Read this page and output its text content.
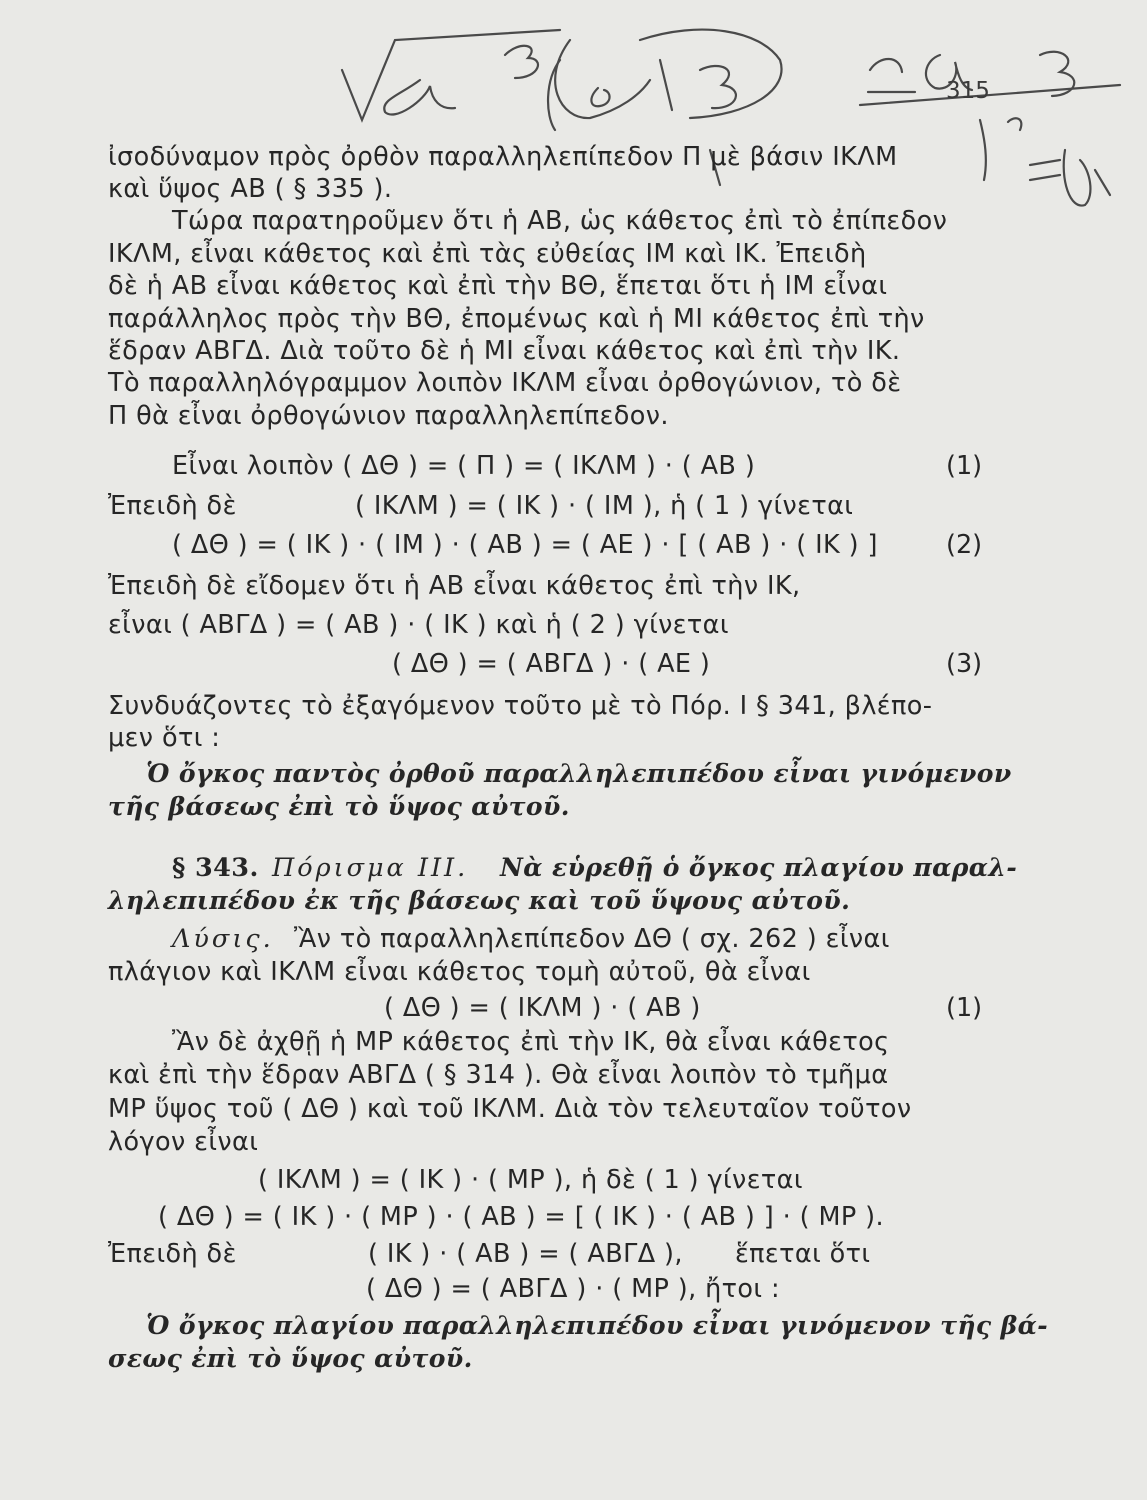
315
ἰσοδύναμον πρὸς ὀρθὸν παραλληλεπίπεδον Π μὲ βάσιν ΙΚΛΜ
καὶ ὕψος ΑΒ ( § 335 ).
Τώρα παρατηροῦμεν ὅτι ἡ ΑΒ, ὡς κάθετος ἐπὶ τὸ ἐπίπεδον
ΙΚΛΜ, εἶναι κάθετος καὶ ἐπὶ τὰς εὐθείας ΙΜ καὶ ΙΚ. Ἐπειδὴ
δὲ ἡ ΑΒ εἶναι κάθετος καὶ ἐπὶ τὴν ΒΘ, ἕπεται ὅτι ἡ ΙΜ εἶναι
παράλληλος πρὸς τὴν ΒΘ, ἐπομένως καὶ ἡ ΜΙ κάθετος ἐπὶ τὴν
ἕδραν ΑΒΓΔ. Διὰ τοῦτο δὲ ἡ ΜΙ εἶναι κάθετος καὶ ἐπὶ τὴν ΙΚ.
Τὸ παραλληλόγραμμον λοιπὸν ΙΚΛΜ εἶναι ὀρθογώνιον, τὸ δὲ
Π θὰ εἶναι ὀρθογώνιον παραλληλεπίπεδον.
Εἶναι λοιπὸν ( ΔΘ ) = ( Π ) = ( ΙΚΛΜ ) · ( ΑΒ )	(1)
Ἐπειδὴ δὲ	( ΙΚΛΜ ) = ( ΙΚ ) · ( ΙΜ ), ἡ ( 1 ) γίνεται
( ΔΘ ) = ( ΙΚ ) · ( ΙΜ ) · ( ΑΒ ) = ( ΑΕ ) · [ ( ΑΒ ) · ( ΙΚ ) ]	(2)
Ἐπειδὴ δὲ εἴδομεν ὅτι ἡ ΑΒ εἶναι κάθετος ἐπὶ τὴν ΙΚ,
εἶναι ( ΑΒΓΔ ) = ( ΑΒ ) · ( ΙΚ ) καὶ ἡ ( 2 ) γίνεται
( ΔΘ ) = ( ΑΒΓΔ ) · ( ΑΕ )	(3)
Συνδυάζοντες τὸ ἐξαγόμενον τοῦτο μὲ τὸ Πόρ. Ι § 341, βλέπο-
μεν ὅτι :
Ὁ ὄγκος παντὸς ὀρθοῦ παραλληλεπιπέδου εἶναι γινόμενον
τῆς βάσεως ἐπὶ τὸ ὕψος αὐτοῦ.
§ 343. Πόρισμα ΙΙΙ. Νὰ εὑρεθῇ ὁ ὄγκος πλαγίου παραλ-
ληλεπιπέδου ἐκ τῆς βάσεως καὶ τοῦ ὕψους αὐτοῦ.
Λύσις. Ἂν τὸ παραλληλεπίπεδον ΔΘ ( σχ. 262 ) εἶναι
πλάγιον καὶ ΙΚΛΜ εἶναι κάθετος τομὴ αὐτοῦ, θὰ εἶναι
( ΔΘ ) = ( ΙΚΛΜ ) · ( ΑΒ )	(1)
Ἂν δὲ ἀχθῇ ἡ ΜΡ κάθετος ἐπὶ τὴν ΙΚ, θὰ εἶναι κάθετος
καὶ ἐπὶ τὴν ἕδραν ΑΒΓΔ ( § 314 ). Θὰ εἶναι λοιπὸν τὸ τμῆμα
ΜΡ ὕψος τοῦ ( ΔΘ ) καὶ τοῦ ΙΚΛΜ. Διὰ τὸν τελευταῖον τοῦτον
λόγον εἶναι
( ΙΚΛΜ ) = ( ΙΚ ) · ( ΜΡ ), ἡ δὲ ( 1 ) γίνεται
( ΔΘ ) = ( ΙΚ ) · ( ΜΡ ) · ( ΑΒ ) = [ ( ΙΚ ) · ( ΑΒ ) ] · ( ΜΡ ).
Ἐπειδὴ δὲ	( ΙΚ ) · ( ΑΒ ) = ( ΑΒΓΔ ), ἕπεται ὅτι
( ΔΘ ) = ( ΑΒΓΔ ) · ( ΜΡ ), ἤτοι :
Ὁ ὄγκος πλαγίου παραλληλεπιπέδου εἶναι γινόμενον τῆς βά-
σεως ἐπὶ τὸ ὕψος αὐτοῦ.
